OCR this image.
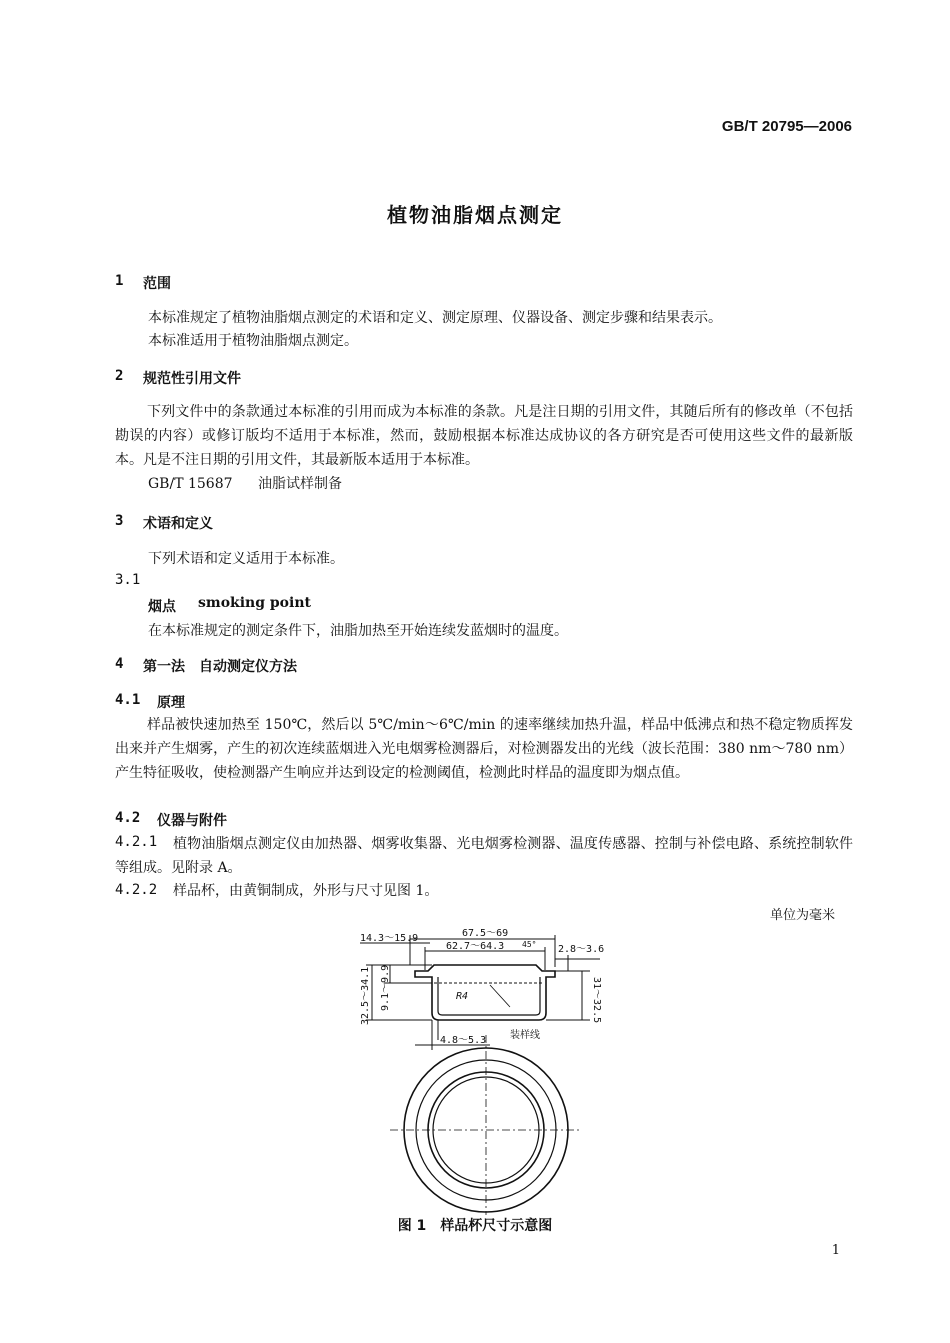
GB/T 20795—2006
植物油脂烟点测定
1 范围
本标准规定了植物油脂烟点测定的术语和定义、测定原理、仪器设备、测定步骤和结果表示。
本标准适用于植物油脂烟点测定。
2 规范性引用文件
下列文件中的条款通过本标准的引用而成为本标准的条款。凡是注日期的引用文件，其随后所有的修改单（不包括勘误的内容）或修订版均不适用于本标准，然而，鼓励根据本标准达成协议的各方研究是否可使用这些文件的最新版本。凡是不注日期的引用文件，其最新版本适用于本标准。
GB/T 15687 油脂试样制备
3 术语和定义
下列术语和定义适用于本标准。
3.1
烟点 smoking point
在本标准规定的测定条件下，油脂加热至开始连续发蓝烟时的温度。
4 第一法　自动测定仪方法
4.1 原理
样品被快速加热至 150℃，然后以 5℃/min～6℃/min 的速率继续加热升温，样品中低沸点和热不稳定物质挥发出来并产生烟雾，产生的初次连续蓝烟进入光电烟雾检测器后，对检测器发出的光线（波长范围：380 nm～780 nm）产生特征吸收，使检测器产生响应并达到设定的检测阈值，检测此时样品的温度即为烟点值。
4.2 仪器与附件
4.2.1	植物油脂烟点测定仪由加热器、烟雾收集器、光电烟雾检测器、温度传感器、控制与补偿电路、系统控制软件等组成。见附录 A。
4.2.2 样品杯，由黄铜制成，外形与尺寸见图 1。
单位为毫米
67.5～69
62.7～64.3 45°
14.3～15.9
2.8～3.6
32.5～34.1 9.1～9.9	R4	31～32.5
4.8～5.3 装样线
图 1　 样品杯尺寸示意图
1
